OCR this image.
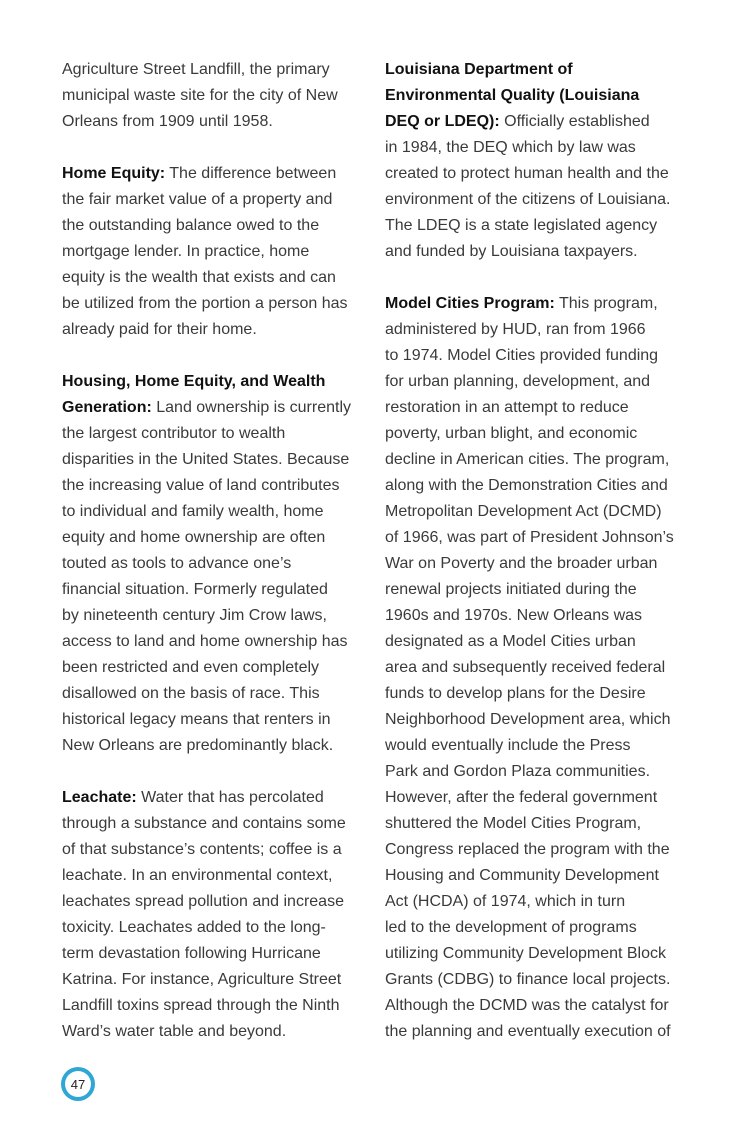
Agriculture Street Landfill, the primary
municipal waste site for the city of New
Orleans from 1909 until 1958.
Home Equity: The difference between
the fair market value of a property and
the outstanding balance owed to the
mortgage lender. In practice, home
equity is the wealth that exists and can
be utilized from the portion a person has
already paid for their home.
Housing, Home Equity, and Wealth
Generation: Land ownership is currently
the largest contributor to wealth
disparities in the United States. Because
the increasing value of land contributes
to individual and family wealth, home
equity and home ownership are often
touted as tools to advance one’s
financial situation. Formerly regulated
by nineteenth century Jim Crow laws,
access to land and home ownership has
been restricted and even completely
disallowed on the basis of race. This
historical legacy means that renters in
New Orleans are predominantly black.
Leachate: Water that has percolated
through a substance and contains some
of that substance’s contents; coffee is a
leachate. In an environmental context,
leachates spread pollution and increase
toxicity. Leachates added to the long-
term devastation following Hurricane
Katrina. For instance, Agriculture Street
Landfill toxins spread through the Ninth
Ward’s water table and beyond.
Louisiana Department of
Environmental Quality (Louisiana
DEQ or LDEQ): Officially established
in 1984, the DEQ which by law was
created to protect human health and the
environment of the citizens of Louisiana.
The LDEQ is a state legislated agency
and funded by Louisiana taxpayers.
Model Cities Program: This program,
administered by HUD, ran from 1966
to 1974. Model Cities provided funding
for urban planning, development, and
restoration in an attempt to reduce
poverty, urban blight, and economic
decline in American cities. The program,
along with the Demonstration Cities and
Metropolitan Development Act (DCMD)
of 1966, was part of President Johnson’s
War on Poverty and the broader urban
renewal projects initiated during the
1960s and 1970s. New Orleans was
designated as a Model Cities urban
area and subsequently received federal
funds to develop plans for the Desire
Neighborhood Development area, which
would eventually include the Press
Park and Gordon Plaza communities.
However, after the federal government
shuttered the Model Cities Program,
Congress replaced the program with the
Housing and Community Development
Act (HCDA) of 1974, which in turn
led to the development of programs
utilizing Community Development Block
Grants (CDBG) to finance local projects.
Although the DCMD was the catalyst for
the planning and eventually execution of
47
